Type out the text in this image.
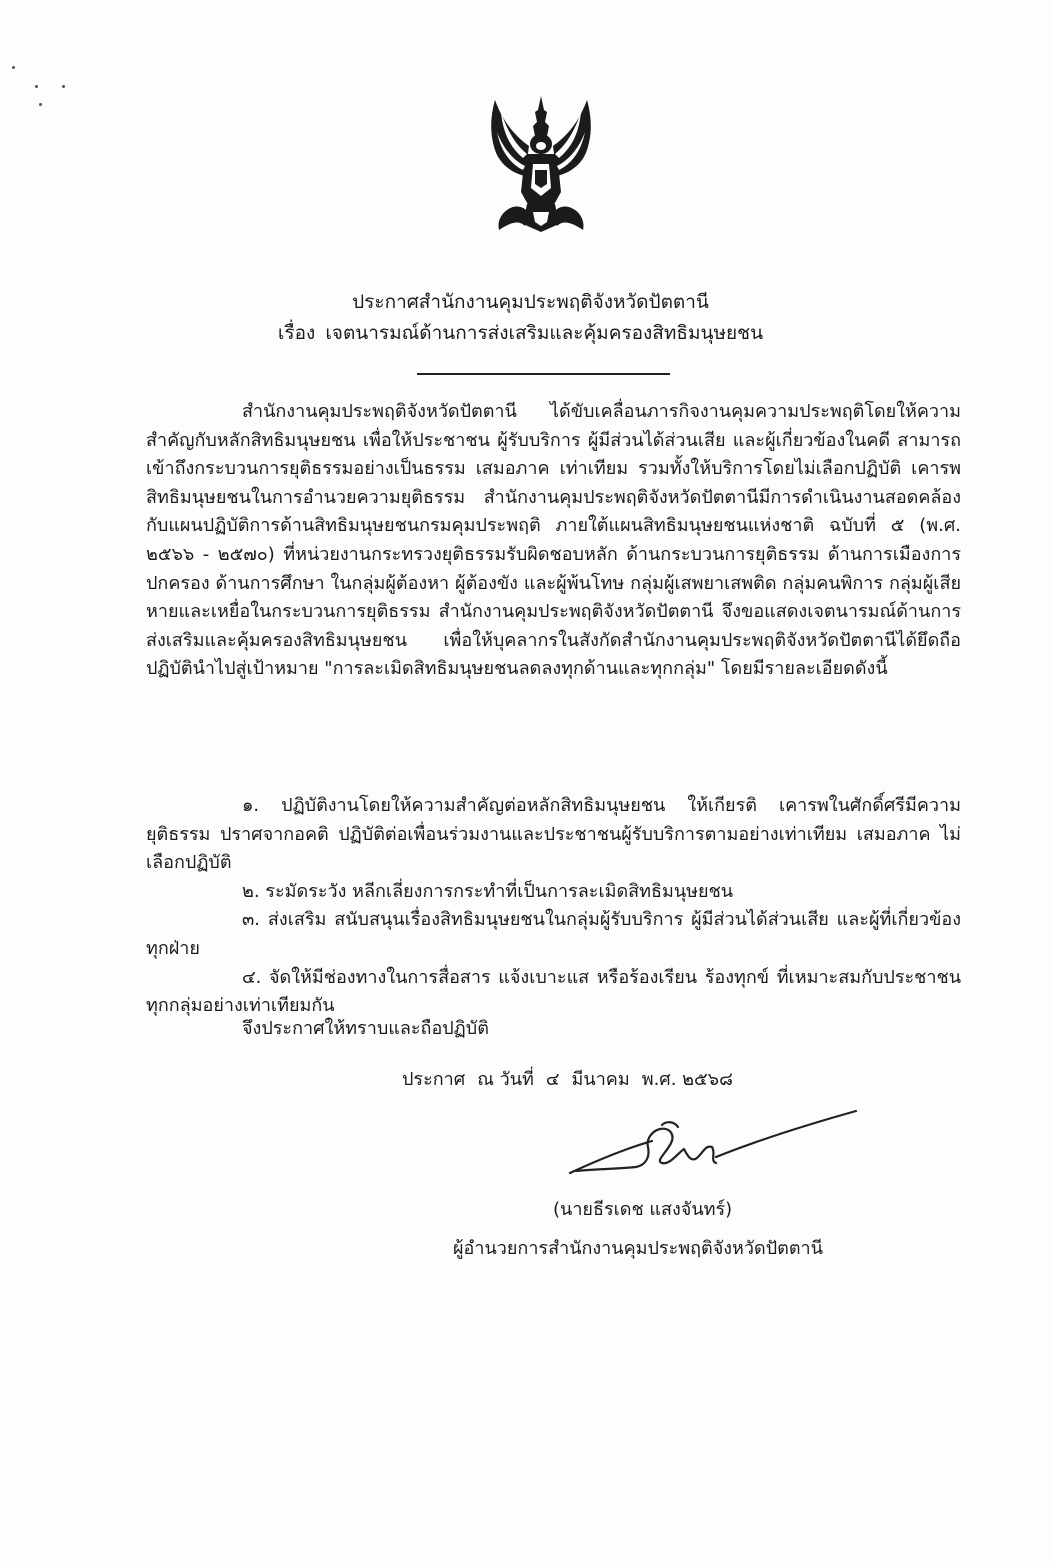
ประกาศสำนักงานคุมประพฤติจังหวัดปัตตานี
เรื่อง เจตนารมณ์ด้านการส่งเสริมและคุ้มครองสิทธิมนุษยชน
สำนักงานคุมประพฤติจังหวัดปัตตานี ได้ขับเคลื่อนภารกิจงานคุมความประพฤติโดยให้ความสำคัญกับหลักสิทธิมนุษยชน เพื่อให้ประชาชน ผู้รับบริการ ผู้มีส่วนได้ส่วนเสีย และผู้เกี่ยวข้องในคดี สามารถเข้าถึงกระบวนการยุติธรรมอย่างเป็นธรรม เสมอภาค เท่าเทียม รวมทั้งให้บริการโดยไม่เลือกปฏิบัติ เคารพสิทธิมนุษยชนในการอำนวยความยุติธรรม สำนักงานคุมประพฤติจังหวัดปัตตานีมีการดำเนินงานสอดคล้องกับแผนปฏิบัติการด้านสิทธิมนุษยชนกรมคุมประพฤติ ภายใต้แผนสิทธิมนุษยชนแห่งชาติ ฉบับที่ ๕ (พ.ศ. ๒๕๖๖ - ๒๕๗๐) ที่หน่วยงานกระทรวงยุติธรรมรับผิดชอบหลัก ด้านกระบวนการยุติธรรม ด้านการเมืองการปกครอง ด้านการศึกษา ในกลุ่มผู้ต้องหา ผู้ต้องขัง และผู้พ้นโทษ กลุ่มผู้เสพยาเสพติด กลุ่มคนพิการ กลุ่มผู้เสียหายและเหยื่อในกระบวนการยุติธรรม สำนักงานคุมประพฤติจังหวัดปัตตานี จึงขอแสดงเจตนารมณ์ด้านการส่งเสริมและคุ้มครองสิทธิมนุษยชน เพื่อให้บุคลากรในสังกัดสำนักงานคุมประพฤติจังหวัดปัตตานีได้ยึดถือปฏิบัตินำไปสู่เป้าหมาย "การละเมิดสิทธิมนุษยชนลดลงทุกด้านและทุกกลุ่ม" โดยมีรายละเอียดดังนี้

๑. ปฏิบัติงานโดยให้ความสำคัญต่อหลักสิทธิมนุษยชน ให้เกียรติ เคารพในศักดิ์ศรีมีความยุติธรรม ปราศจากอคติ ปฏิบัติต่อเพื่อนร่วมงานและประชาชนผู้รับบริการตามอย่างเท่าเทียม เสมอภาค ไม่เลือกปฏิบัติ

๒. ระมัดระวัง หลีกเลี่ยงการกระทำที่เป็นการละเมิดสิทธิมนุษยชน

๓. ส่งเสริม สนับสนุนเรื่องสิทธิมนุษยชนในกลุ่มผู้รับบริการ ผู้มีส่วนได้ส่วนเสีย และผู้ที่เกี่ยวข้องทุกฝ่าย

๔. จัดให้มีช่องทางในการสื่อสาร แจ้งเบาะแส หรือร้องเรียน ร้องทุกข์ ที่เหมาะสมกับประชาชนทุกกลุ่มอย่างเท่าเทียมกัน

จึงประกาศให้ทราบและถือปฏิบัติ
ประกาศ ณ วันที่ ๔ มีนาคม พ.ศ. ๒๕๖๘
(นายธีรเดช แสงจันทร์)
ผู้อำนวยการสำนักงานคุมประพฤติจังหวัดปัตตานี
